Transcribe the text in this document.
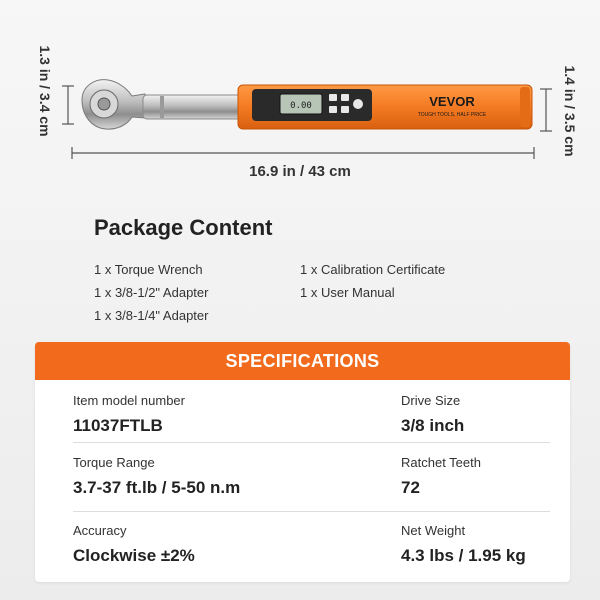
0.00	VEVOR
TOUGH TOOLS, HALF PRICE
1.3 in / 3.4 cm	1.4 in / 3.5 cm
16.9 in / 43 cm
Package Content
1 x Torque Wrench
1 x 3/8-1/2" Adapter
1 x 3/8-1/4" Adapter
1 x Calibration Certificate
1 x User Manual
SPECIFICATIONS
Item model number
11037FTLB
Drive Size
3/8 inch
Torque Range
3.7-37 ft.lb / 5-50 n.m
Ratchet Teeth
72
Accuracy
Clockwise ±2%
Net Weight
4.3 lbs / 1.95 kg
